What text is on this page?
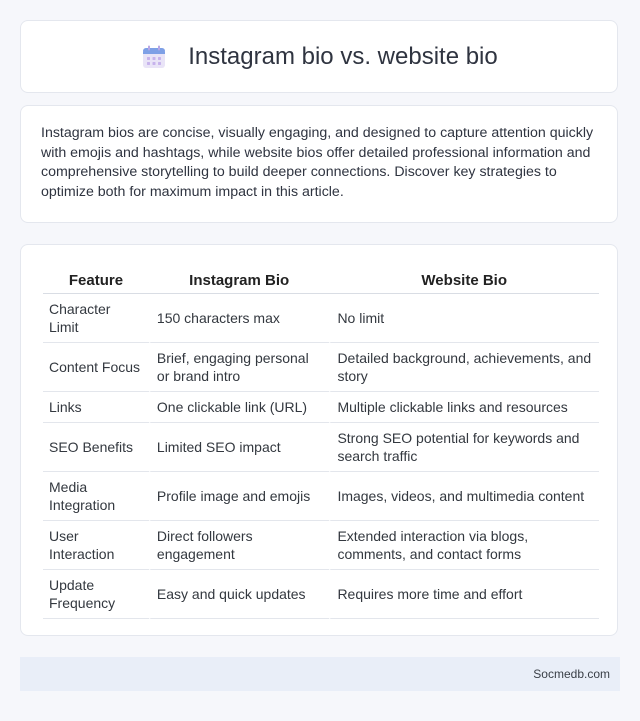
Instagram bio vs. website bio

Instagram bios are concise, visually engaging, and designed to capture attention quickly with emojis and hashtags, while website bios offer detailed professional information and comprehensive storytelling to build deeper connections. Discover key strategies to optimize both for maximum impact in this article.

Feature	Instagram Bio	Website Bio
Character Limit	150 characters max	No limit
Content Focus	Brief, engaging personal or brand intro	Detailed background, achievements, and story
Links	One clickable link (URL)	Multiple clickable links and resources
SEO Benefits	Limited SEO impact	Strong SEO potential for keywords and search traffic
Media Integration	Profile image and emojis	Images, videos, and multimedia content
User Interaction	Direct followers engagement	Extended interaction via blogs, comments, and contact forms
Update Frequency	Easy and quick updates	Requires more time and effort
Socmedb.com
